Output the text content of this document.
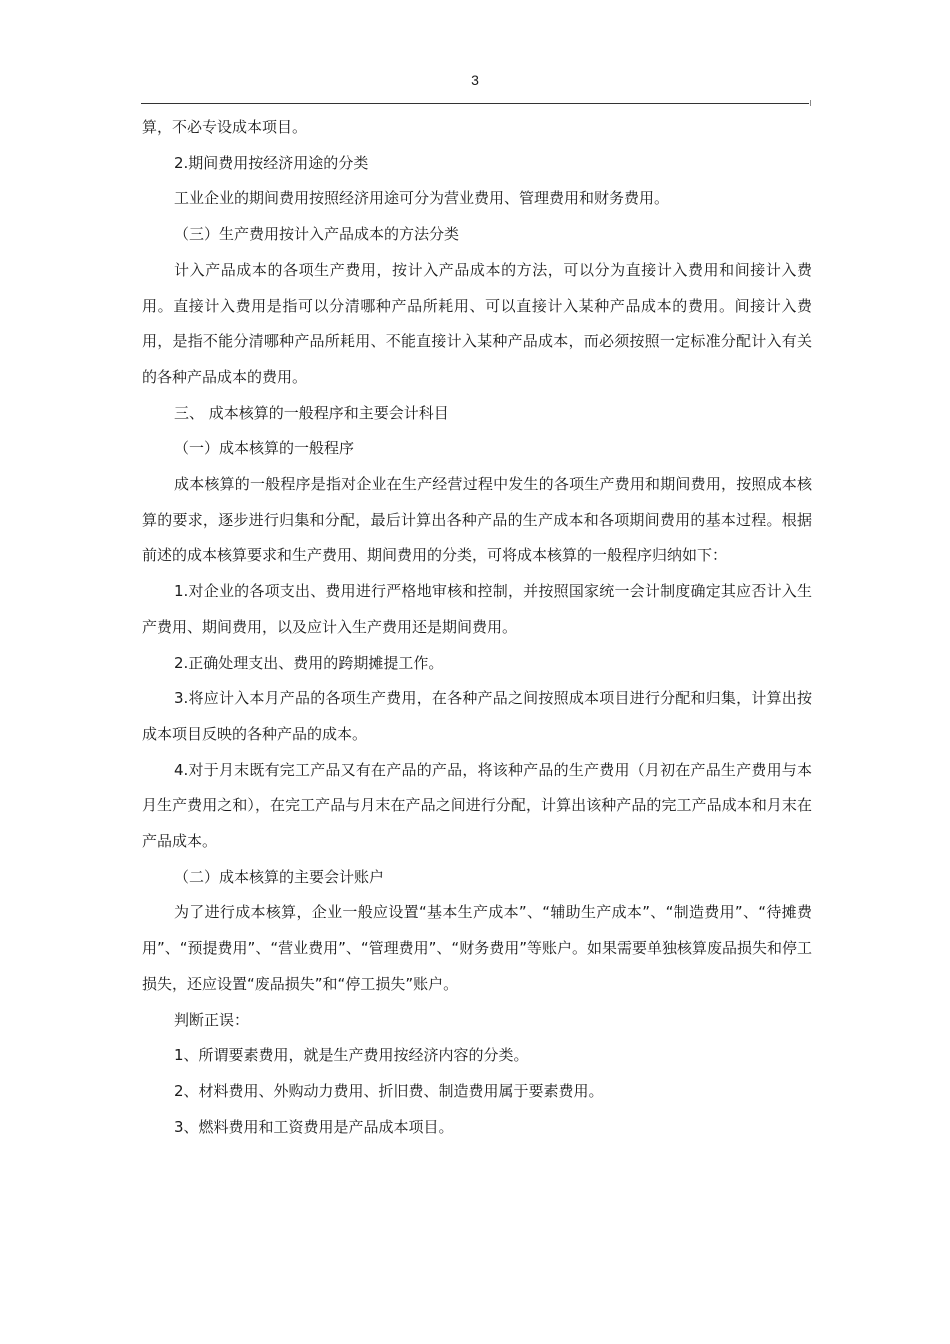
3

算，不必专设成本项目。

2.期间费用按经济用途的分类

工业企业的期间费用按照经济用途可分为营业费用、管理费用和财务费用。

（三）生产费用按计入产品成本的方法分类

计入产品成本的各项生产费用，按计入产品成本的方法，可以分为直接计入费用和间接计入费用。直接计入费用是指可以分清哪种产品所耗用、可以直接计入某种产品成本的费用。间接计入费用，是指不能分清哪种产品所耗用、不能直接计入某种产品成本，而必须按照一定标准分配计入有关的各种产品成本的费用。

三、 成本核算的一般程序和主要会计科目

（一）成本核算的一般程序

成本核算的一般程序是指对企业在生产经营过程中发生的各项生产费用和期间费用，按照成本核算的要求，逐步进行归集和分配，最后计算出各种产品的生产成本和各项期间费用的基本过程。根据前述的成本核算要求和生产费用、期间费用的分类，可将成本核算的一般程序归纳如下：

1.对企业的各项支出、费用进行严格地审核和控制，并按照国家统一会计制度确定其应否计入生产费用、期间费用，以及应计入生产费用还是期间费用。

2.正确处理支出、费用的跨期摊提工作。

3.将应计入本月产品的各项生产费用，在各种产品之间按照成本项目进行分配和归集，计算出按成本项目反映的各种产品的成本。

4.对于月末既有完工产品又有在产品的产品，将该种产品的生产费用（月初在产品生产费用与本月生产费用之和），在完工产品与月末在产品之间进行分配，计算出该种产品的完工产品成本和月末在产品成本。

（二）成本核算的主要会计账户

为了进行成本核算，企业一般应设置“基本生产成本”、“辅助生产成本”、“制造费用”、“待摊费用”、“预提费用”、“营业费用”、“管理费用”、“财务费用”等账户。如果需要单独核算废品损失和停工损失，还应设置“废品损失”和“停工损失”账户。

判断正误：

1、所谓要素费用，就是生产费用按经济内容的分类。

2、材料费用、外购动力费用、折旧费、制造费用属于要素费用。

3、燃料费用和工资费用是产品成本项目。
